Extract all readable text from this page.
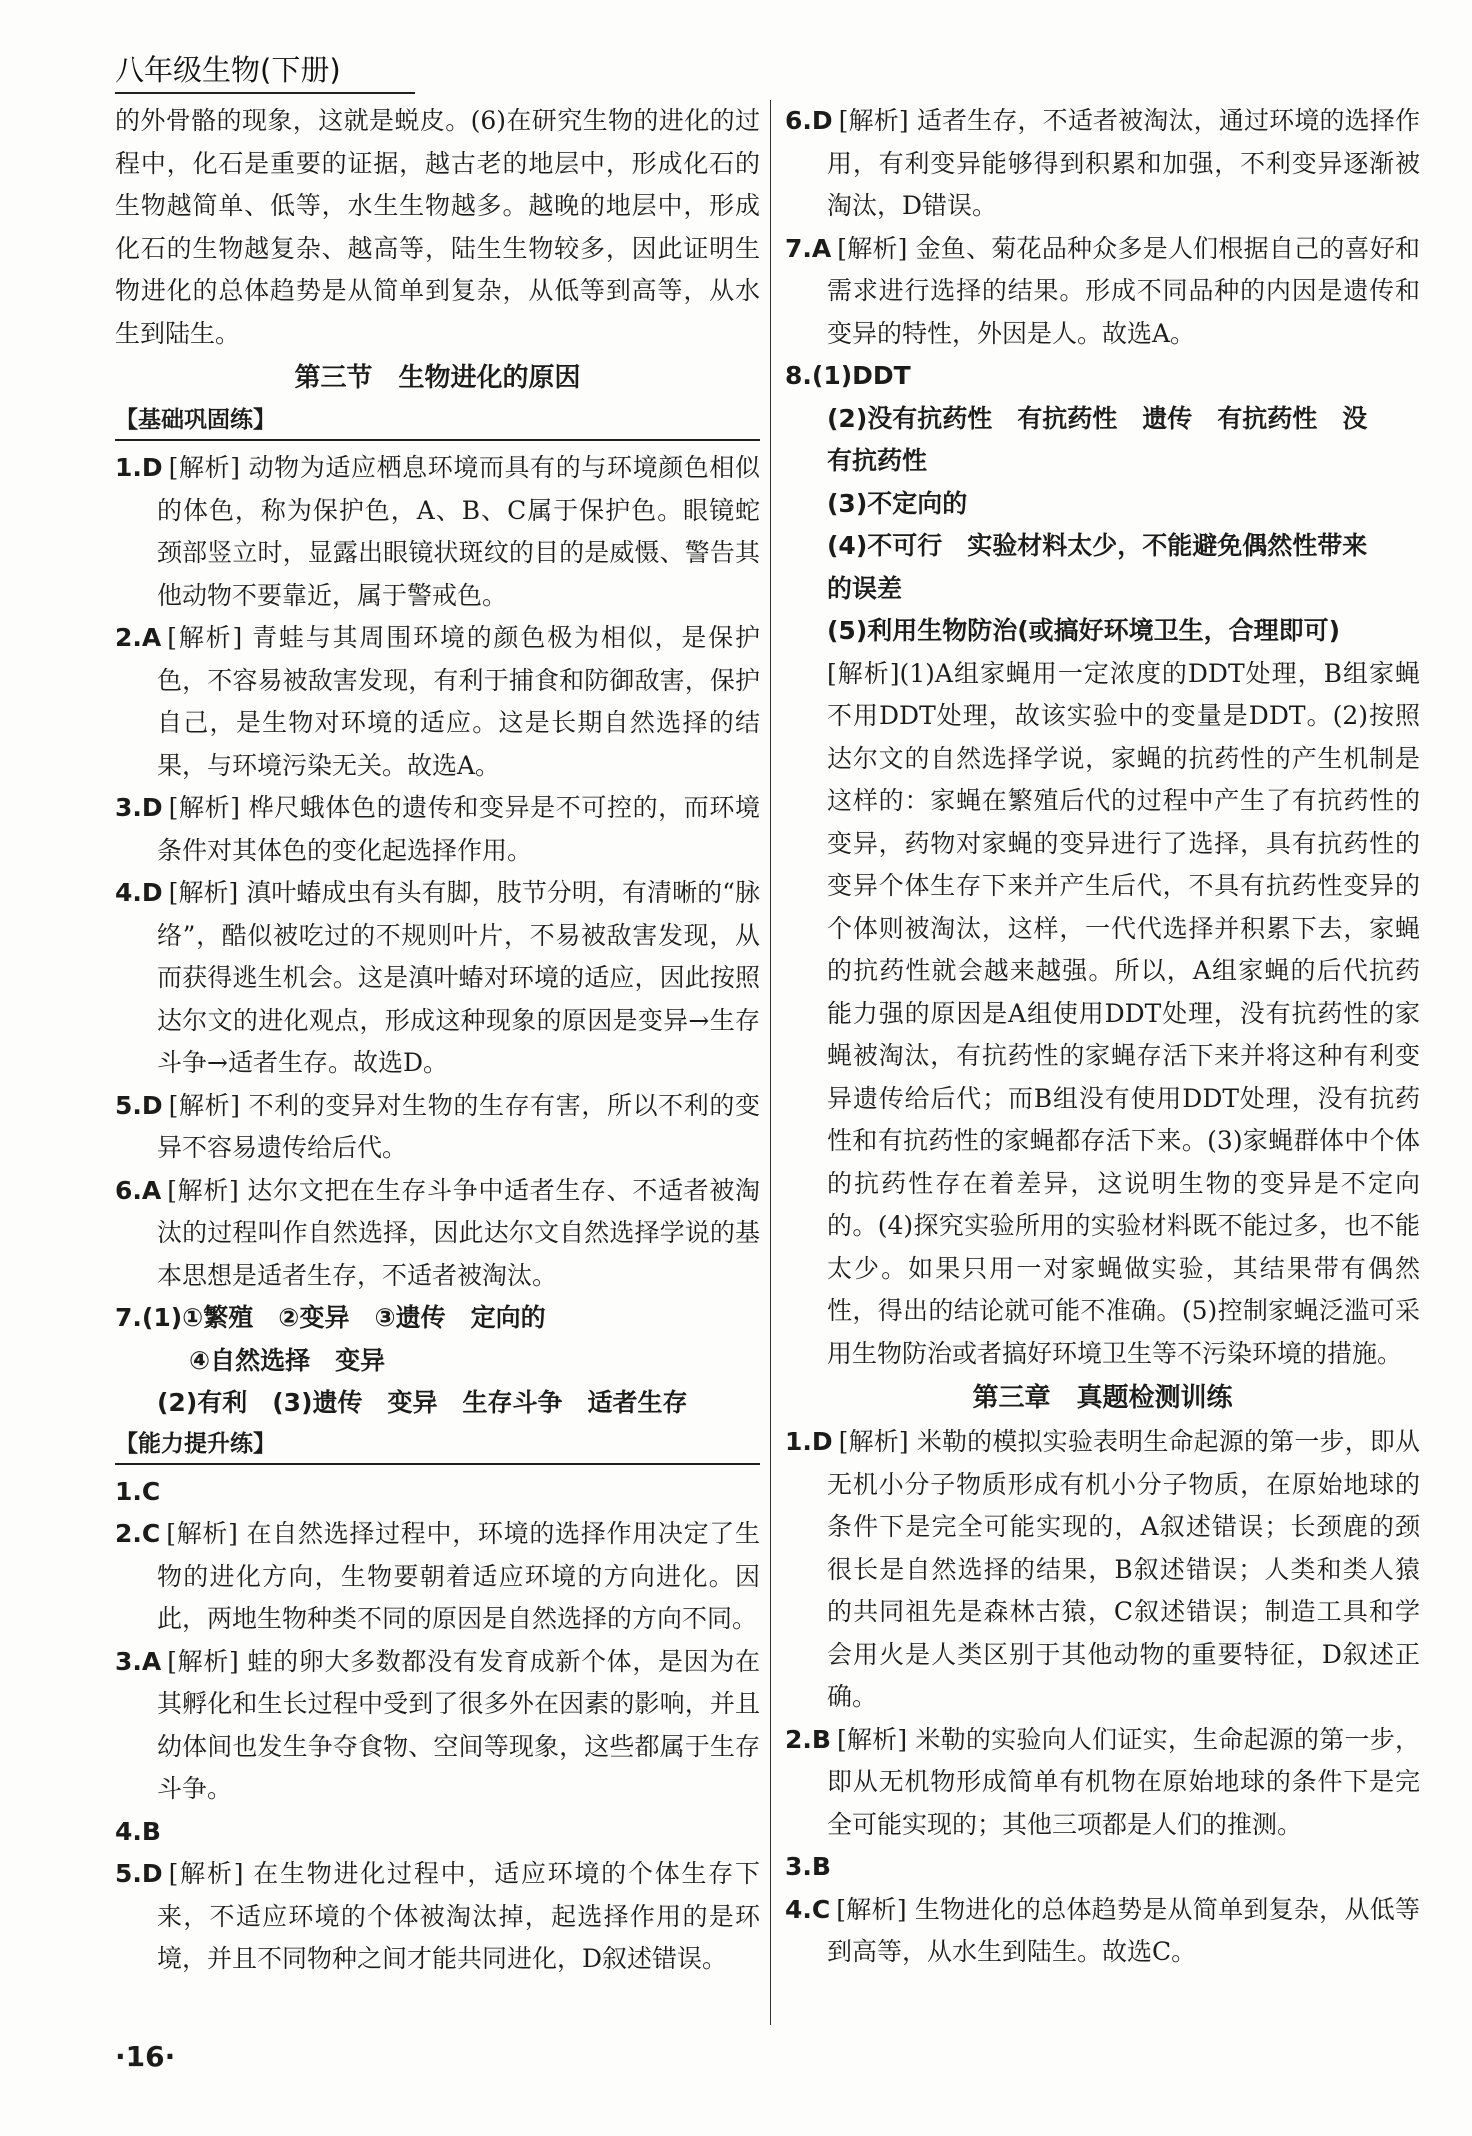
八年级生物(下册)

的外骨骼的现象，这就是蜕皮。(6)在研究生物的进化的过程中，化石是重要的证据，越古老的地层中，形成化石的生物越简单、低等，水生生物越多。越晚的地层中，形成化石的生物越复杂、越高等，陆生生物较多，因此证明生物进化的总体趋势是从简单到复杂，从低等到高等，从水生到陆生。

第三节　生物进化的原因
【基础巩固练】

1.D [解析] 动物为适应栖息环境而具有的与环境颜色相似的体色，称为保护色，A、B、C属于保护色。眼镜蛇颈部竖立时，显露出眼镜状斑纹的目的是威慑、警告其他动物不要靠近，属于警戒色。

2.A [解析] 青蛙与其周围环境的颜色极为相似，是保护色，不容易被敌害发现，有利于捕食和防御敌害，保护自己，是生物对环境的适应。这是长期自然选择的结果，与环境污染无关。故选A。

3.D [解析] 桦尺蛾体色的遗传和变异是不可控的，而环境条件对其体色的变化起选择作用。

4.D [解析] 滇叶蝽成虫有头有脚，肢节分明，有清晰的“脉络”，酷似被吃过的不规则叶片，不易被敌害发现，从而获得逃生机会。这是滇叶蝽对环境的适应，因此按照达尔文的进化观点，形成这种现象的原因是变异→生存斗争→适者生存。故选D。

5.D [解析] 不利的变异对生物的生存有害，所以不利的变异不容易遗传给后代。

6.A [解析] 达尔文把在生存斗争中适者生存、不适者被淘汰的过程叫作自然选择，因此达尔文自然选择学说的基本思想是适者生存，不适者被淘汰。

7.(1)①繁殖　②变异　③遗传　定向的

④自然选择　变异

(2)有利　(3)遗传　变异　生存斗争　适者生存

【能力提升练】

1.C

2.C [解析] 在自然选择过程中，环境的选择作用决定了生物的进化方向，生物要朝着适应环境的方向进化。因此，两地生物种类不同的原因是自然选择的方向不同。

3.A [解析] 蛙的卵大多数都没有发育成新个体，是因为在其孵化和生长过程中受到了很多外在因素的影响，并且幼体间也发生争夺食物、空间等现象，这些都属于生存斗争。

4.B

5.D [解析] 在生物进化过程中，适应环境的个体生存下来，不适应环境的个体被淘汰掉，起选择作用的是环境，并且不同物种之间才能共同进化，D叙述错误。

6.D [解析] 适者生存，不适者被淘汰，通过环境的选择作用，有利变异能够得到积累和加强，不利变异逐渐被淘汰，D错误。

7.A [解析] 金鱼、菊花品种众多是人们根据自己的喜好和需求进行选择的结果。形成不同品种的内因是遗传和变异的特性，外因是人。故选A。

8.(1)DDT

(2)没有抗药性　有抗药性　遗传　有抗药性　没

有抗药性

(3)不定向的

(4)不可行　实验材料太少，不能避免偶然性带来

的误差

(5)利用生物防治(或搞好环境卫生，合理即可)

[解析](1)A组家蝇用一定浓度的DDT处理，B组家蝇不用DDT处理，故该实验中的变量是DDT。(2)按照达尔文的自然选择学说，家蝇的抗药性的产生机制是这样的：家蝇在繁殖后代的过程中产生了有抗药性的变异，药物对家蝇的变异进行了选择，具有抗药性的变异个体生存下来并产生后代，不具有抗药性变异的个体则被淘汰，这样，一代代选择并积累下去，家蝇的抗药性就会越来越强。所以，A组家蝇的后代抗药能力强的原因是A组使用DDT处理，没有抗药性的家蝇被淘汰，有抗药性的家蝇存活下来并将这种有利变异遗传给后代；而B组没有使用DDT处理，没有抗药性和有抗药性的家蝇都存活下来。(3)家蝇群体中个体的抗药性存在着差异，这说明生物的变异是不定向的。(4)探究实验所用的实验材料既不能过多，也不能太少。如果只用一对家蝇做实验，其结果带有偶然性，得出的结论就可能不准确。(5)控制家蝇泛滥可采用生物防治或者搞好环境卫生等不污染环境的措施。

第三章　真题检测训练

1.D [解析] 米勒的模拟实验表明生命起源的第一步，即从无机小分子物质形成有机小分子物质，在原始地球的条件下是完全可能实现的，A叙述错误；长颈鹿的颈很长是自然选择的结果，B叙述错误；人类和类人猿的共同祖先是森林古猿，C叙述错误；制造工具和学会用火是人类区别于其他动物的重要特征，D叙述正确。

2.B [解析] 米勒的实验向人们证实，生命起源的第一步，即从无机物形成简单有机物在原始地球的条件下是完全可能实现的；其他三项都是人们的推测。

3.B

4.C [解析] 生物进化的总体趋势是从简单到复杂，从低等到高等，从水生到陆生。故选C。

·16·
